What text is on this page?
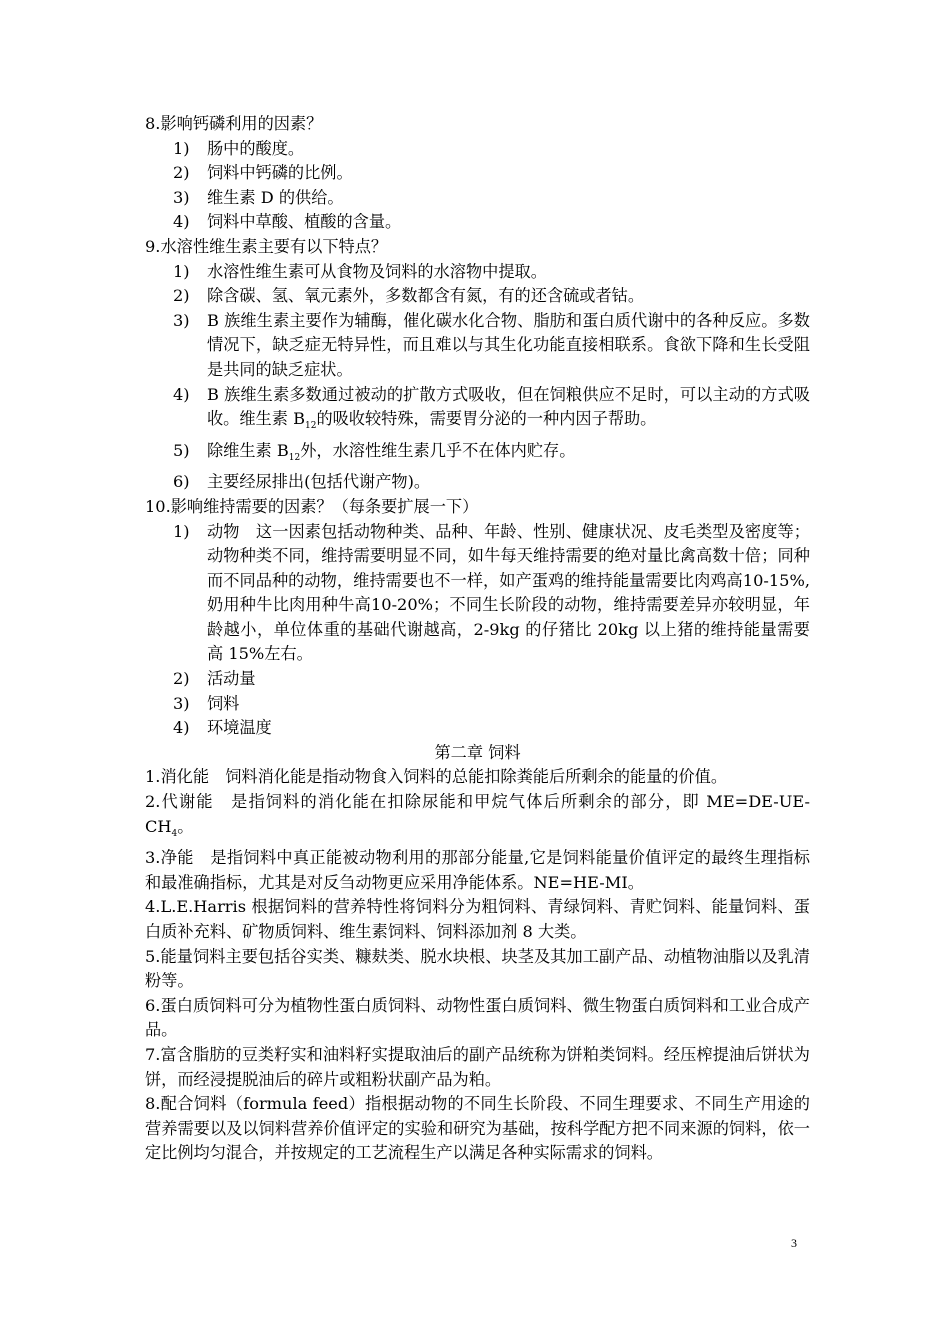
8.影响钙磷利用的因素？
1)	肠中的酸度。
2)	饲料中钙磷的比例。
3)	维生素 D 的供给。
4)	饲料中草酸、植酸的含量。
9.水溶性维生素主要有以下特点？
1)	水溶性维生素可从食物及饲料的水溶物中提取。
2)	除含碳、氢、氧元素外，多数都含有氮，有的还含硫或者钴。
3)	B 族维生素主要作为辅酶，催化碳水化合物、脂肪和蛋白质代谢中的各种反应。多数情况下，缺乏症无特异性，而且难以与其生化功能直接相联系。食欲下降和生长受阻是共同的缺乏症状。
4)	B 族维生素多数通过被动的扩散方式吸收，但在饲粮供应不足时，可以主动的方式吸收。维生素 $B_{12}$的吸收较特殊，需要胃分泌的一种内因子帮助。
5)	除维生素 $B_{12}$外，水溶性维生素几乎不在体内贮存。
6)	主要经尿排出(包括代谢产物)。
10.影响维持需要的因素？（每条要扩展一下）
1)	动物　这一因素包括动物种类、品种、年龄、性别、健康状况、皮毛类型及密度等；动物种类不同，维持需要明显不同，如牛每天维持需要的绝对量比禽高数十倍；同种而不同品种的动物，维持需要也不一样，如产蛋鸡的维持能量需要比肉鸡高10-15%,奶用种牛比肉用种牛高10-20%；不同生长阶段的动物，维持需要差异亦较明显，年龄越小，单位体重的基础代谢越高，2-9kg 的仔猪比 20kg 以上猪的维持能量需要高 15%左右。
2)	活动量
3)	饲料
4)	环境温度
第二章 饲料
1.消化能　饲料消化能是指动物食入饲料的总能扣除粪能后所剩余的能量的价值。
2.代谢能　是指饲料的消化能在扣除尿能和甲烷气体后所剩余的部分，即 $ME=DE-UE-CH_4$。
3.净能　是指饲料中真正能被动物利用的那部分能量,它是饲料能量价值评定的最终生理指标和最准确指标，尤其是对反刍动物更应采用净能体系。NE=HE-MI。
4.L.E.Harris 根据饲料的营养特性将饲料分为粗饲料、青绿饲料、青贮饲料、能量饲料、蛋白质补充料、矿物质饲料、维生素饲料、饲料添加剂 8 大类。
5.能量饲料主要包括谷实类、糠麸类、脱水块根、块茎及其加工副产品、动植物油脂以及乳清粉等。
6.蛋白质饲料可分为植物性蛋白质饲料、动物性蛋白质饲料、微生物蛋白质饲料和工业合成产品。
7.富含脂肪的豆类籽实和油料籽实提取油后的副产品统称为饼粕类饲料。经压榨提油后饼状为饼，而经浸提脱油后的碎片或粗粉状副产品为粕。
8.配合饲料（formula feed）指根据动物的不同生长阶段、不同生理要求、不同生产用途的营养需要以及以饲料营养价值评定的实验和研究为基础，按科学配方把不同来源的饲料，依一定比例均匀混合，并按规定的工艺流程生产以满足各种实际需求的饲料。
3
